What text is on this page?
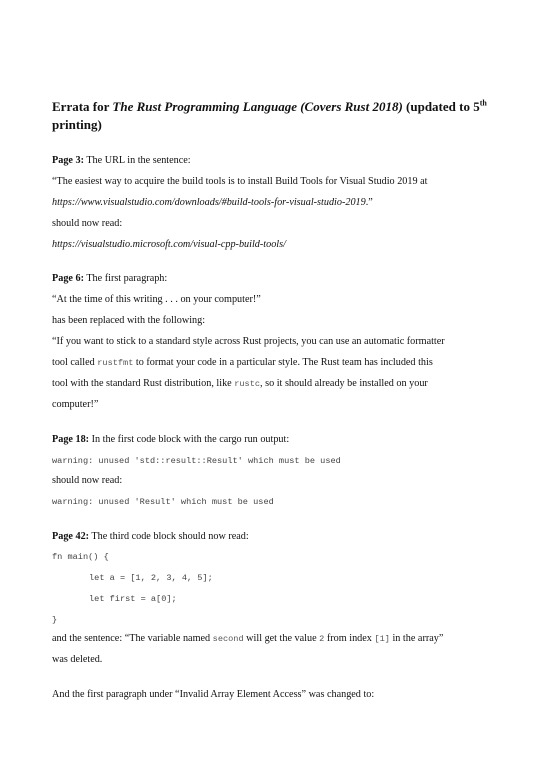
Errata for The Rust Programming Language (Covers Rust 2018) (updated to 5th printing)

Page 3: The URL in the sentence:

“The easiest way to acquire the build tools is to install Build Tools for Visual Studio 2019 at

https://www.visualstudio.com/downloads/#build-tools-for-visual-studio-2019.”

should now read:

https://visualstudio.microsoft.com/visual-cpp-build-tools/

Page 6: The first paragraph:

“At the time of this writing . . . on your computer!”

has been replaced with the following:

“If you want to stick to a standard style across Rust projects, you can use an automatic formatter

tool called rustfmt to format your code in a particular style. The Rust team has included this

tool with the standard Rust distribution, like rustc, so it should already be installed on your

computer!”

Page 18: In the first code block with the cargo run output:

warning: unused 'std::result::Result' which must be used

should now read:

warning: unused 'Result' which must be used

Page 42: The third code block should now read:

fn main() {
let a = [1, 2, 3, 4, 5];
let first = a[0];
}

and the sentence: “The variable named second will get the value 2 from index [1] in the array”

was deleted.

And the first paragraph under “Invalid Array Element Access” was changed to:
